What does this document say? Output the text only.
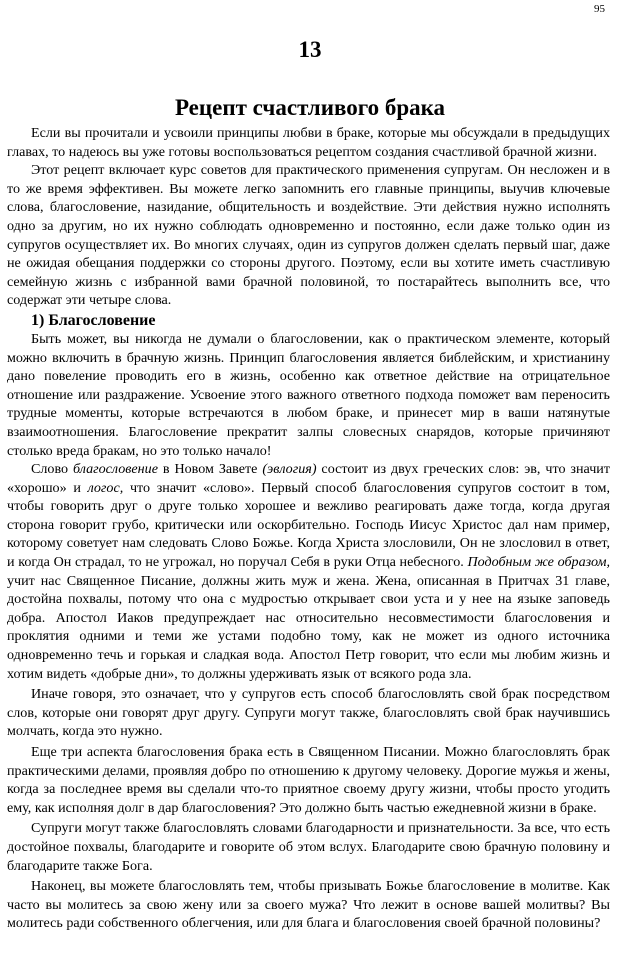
95
13
Рецепт счастливого брака

Если вы прочитали и усвоили принципы любви в браке, которые мы обсуждали в предыдущих главах, то надеюсь вы уже готовы воспользоваться рецептом создания счастливой брачной жизни.

Этот рецепт включает курс советов для практического применения супругам. Он несложен и в то же время эффективен. Вы можете легко запомнить его главные принципы, выучив ключевые слова, благословение, назидание, общительность и воздействие. Эти действия нужно исполнять одно за другим, но их нужно соблюдать одновременно и постоянно, если даже только один из супругов осуществляет их. Во многих случаях, один из супругов должен сделать первый шаг, даже не ожидая обещания поддержки со стороны другого. Поэтому, если вы хотите иметь счастливую семейную жизнь с избранной вами брачной половиной, то постарайтесь выполнить все, что содержат эти четыре слова.

1) Благословение

Быть может, вы никогда не думали о благословении, как о практическом элементе, который можно включить в брачную жизнь. Принцип благословения является библейским, и христианину дано повеление проводить его в жизнь, особенно как ответное действие на отрицательное отношение или раздражение. Усвоение этого важного ответного подхода поможет вам переносить трудные моменты, которые встречаются в любом браке, и принесет мир в ваши натянутые взаимоотношения. Благословение прекратит залпы словесных снарядов, которые причиняют столько вреда бракам, но это только начало!

Слово благословение в Новом Завете (эвлогия) состоит из двух греческих слов: эв, что значит «хорошо» и логос, что значит «слово». Первый способ благословения супругов состоит в том, чтобы говорить друг о друге только хорошее и вежливо реагировать даже тогда, когда другая сторона говорит грубо, критически или оскорбительно. Господь Иисус Христос дал нам пример, которому советует нам следовать Слово Божье. Когда Христа злословили, Он не злословил в ответ, и когда Он страдал, то не угрожал, но поручал Себя в руки Отца небесного. Подобным же образом, учит нас Священное Писание, должны жить муж и жена. Жена, описанная в Притчах 31 главе, достойна похвалы, потому что она с мудростью открывает свои уста и у нее на языке заповедь добра. Апостол Иаков предупреждает нас относительно несовместимости благословения и проклятия одними и теми же устами подобно тому, как не может из одного источника одновременно течь и горькая и сладкая вода. Апостол Петр говорит, что если мы любим жизнь и хотим видеть «добрые дни», то должны удерживать язык от всякого рода зла.

Иначе говоря, это означает, что у супругов есть способ благословлять свой брак посредством слов, которые они говорят друг другу. Супруги могут также, благословлять свой брак научившись молчать, когда это нужно.

Еще три аспекта благословения брака есть в Священном Писании. Можно благословлять брак практическими делами, проявляя добро по отношению к другому человеку. Дорогие мужья и жены, когда за последнее время вы сделали что-то приятное своему другу жизни, чтобы просто угодить ему, как исполняя долг в дар благословения? Это должно быть частью ежедневной жизни в браке.

Супруги могут также благословлять словами благодарности и признательности. За все, что есть достойное похвалы, благодарите и говорите об этом вслух. Благодарите свою брачную половину и благодарите также Бога.

Наконец, вы можете благословлять тем, чтобы призывать Божье благословение в молитве. Как часто вы молитесь за свою жену или за своего мужа? Что лежит в основе вашей молитвы? Вы молитесь ради собственного облегчения, или для блага и благословения своей брачной половины?
